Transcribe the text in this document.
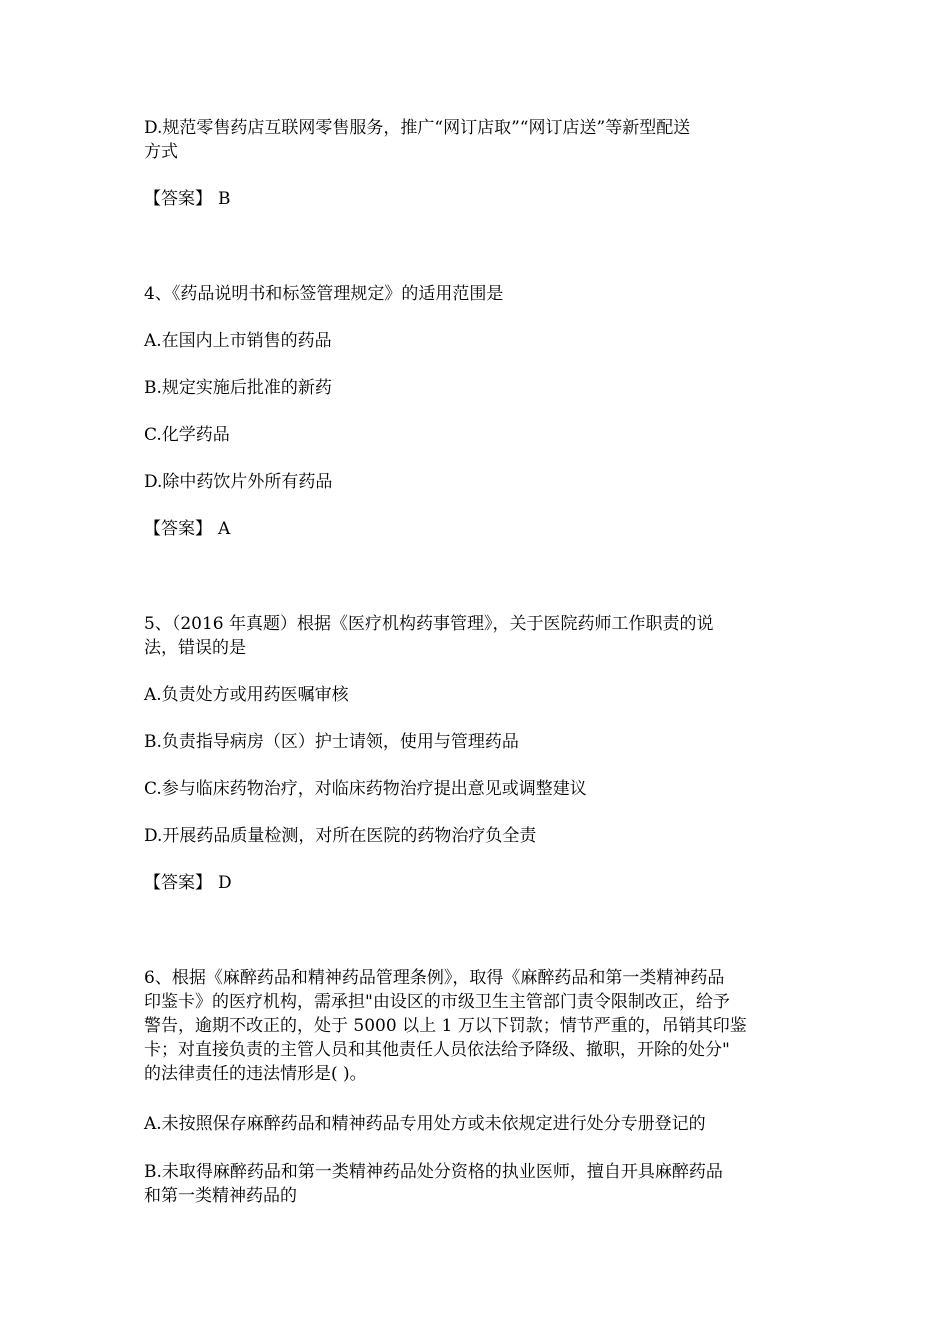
D.规范零售药店互联网零售服务，推广“网订店取”“网订店送”等新型配送
方式
【答案】 B
4、《药品说明书和标签管理规定》的适用范围是
A.在国内上市销售的药品
B.规定实施后批准的新药
C.化学药品
D.除中药饮片外所有药品
【答案】 A
5、（2016 年真题）根据《医疗机构药事管理》，关于医院药师工作职责的说
法，错误的是
A.负责处方或用药医嘱审核
B.负责指导病房（区）护士请领，使用与管理药品
C.参与临床药物治疗，对临床药物治疗提出意见或调整建议
D.开展药品质量检测，对所在医院的药物治疗负全责
【答案】 D
6、根据《麻醉药品和精神药品管理条例》，取得《麻醉药品和第一类精神药品
印鉴卡》的医疗机构，需承担"由设区的市级卫生主管部门责令限制改正，给予
警告，逾期不改正的，处于 5000 以上 1 万以下罚款；情节严重的，吊销其印鉴
卡；对直接负责的主管人员和其他责任人员依法给予降级、撤职，开除的处分"
的法律责任的违法情形是( )。
A.未按照保存麻醉药品和精神药品专用处方或未依规定进行处分专册登记的
B.未取得麻醉药品和第一类精神药品处分资格的执业医师，擅自开具麻醉药品
和第一类精神药品的
